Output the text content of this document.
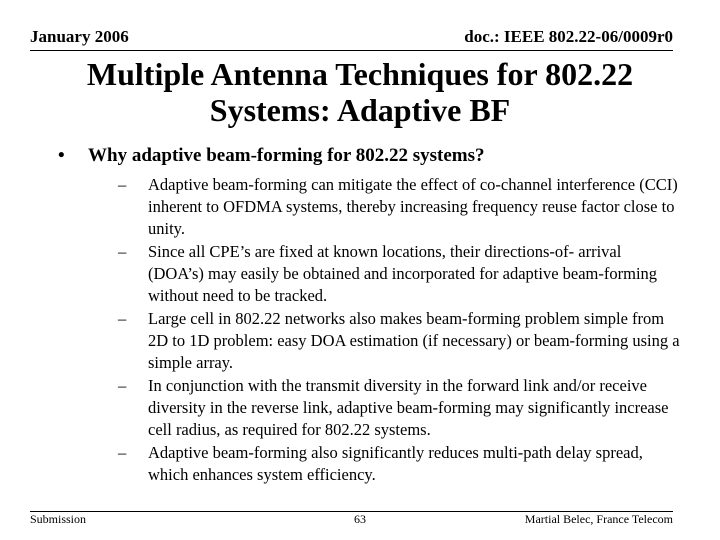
January 2006	doc.: IEEE 802.22-06/0009r0
Multiple Antenna Techniques for 802.22
Systems: Adaptive BF
•	Why adaptive beam-forming for 802.22 systems?
–	Adaptive beam-forming can mitigate the effect of co-channel interference (CCI) inherent to OFDMA systems, thereby increasing frequency reuse factor close to unity.
–	Since all CPE’s are fixed at known locations, their directions-of- arrival (DOA’s) may easily be obtained and incorporated for adaptive beam-forming without need to be tracked.
–	Large cell in 802.22 networks also makes beam-forming problem simple from 2D to 1D problem: easy DOA estimation (if necessary) or beam-forming using a simple array.
–	In conjunction with the transmit diversity in the forward link and/or receive diversity in the reverse link, adaptive beam-forming may significantly increase cell radius, as required for 802.22 systems.
–	Adaptive beam-forming also significantly reduces multi-path delay spread, which enhances system efficiency.
Submission	63	Martial Belec, France Telecom
